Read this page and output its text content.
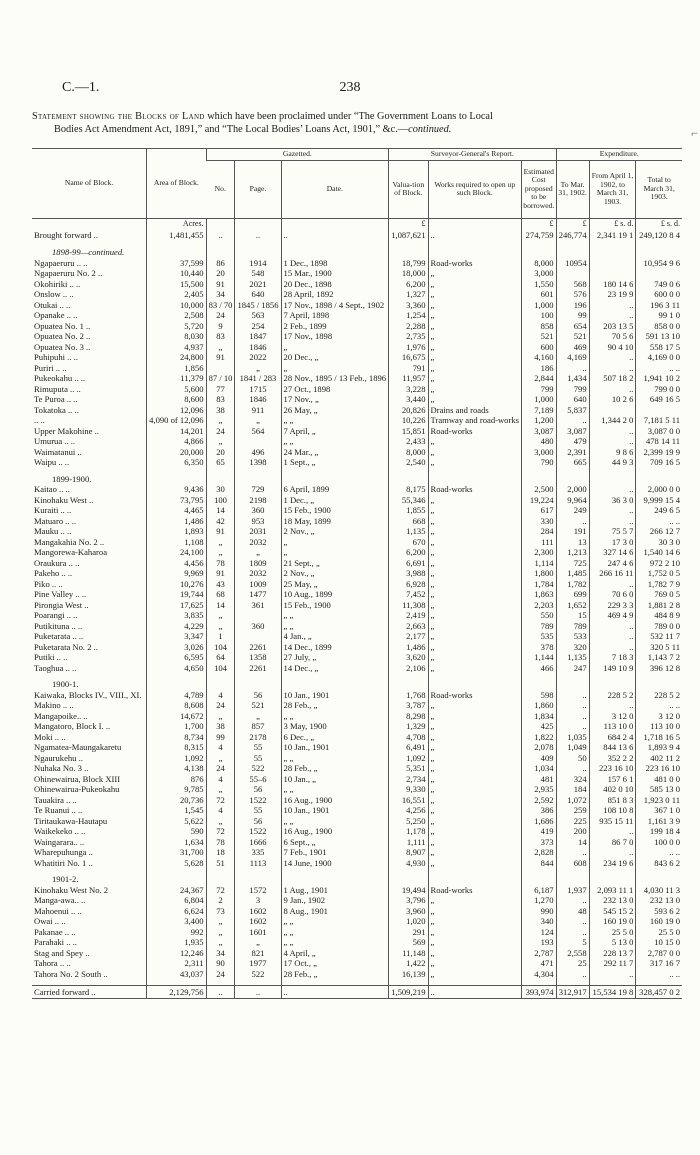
C.—1.	238
Statement showing the Blocks of Land which have been proclaimed under “The Government Loans to Local
Bodies Act Amendment Act, 1891,” and “The Local Bodies’ Loans Act, 1901,” &c.—continued.	⌐
Name of Block.	Area of Block.	Gazetted.			Surveyor-General's Report.			Expenditure.		
		No.	Page.	Date.	Valua-tion of Block.	Works required to open up such Block.	Estimated Cost proposed to be borrowed.	To Mar. 31, 1902.	From April 1, 1902, to March 31, 1903.	Total to March 31, 1903.
	Acres.				£		£	£	£ s. d.	£ s. d.
Brought forward ..	1,481,455	..	..	..	1,087,621	..	274,759	246,774	2,341 19 1	249,120 8 4

1898-99—continued.										
Ngapaeruru .. ..	37,599	86	1914	1 Dec., 1898	18,799	Road-works	8,000	10954		10,954 9 6
Ngapaeruru No. 2 ..	10,440	20	548	15 Mar., 1900	18,000	„	3,000			
Okohiriki .. ..	15,500	91	2021	20 Dec., 1898	6,200	„	1,550	568	180 14 6	749 0 6
Onslow .. ..	2,405	34	640	28 April, 1892	1,327	„	601	576	23 19 9	600 0 0
Otukai .. ..	10,000	83 / 70	1845 / 1856	17 Nov., 1898 / 4 Sept., 1902	3,360	„	1,000	196	..	196 3 11
Opanake .. ..	2,508	24	563	7 April, 1898	1,254	„	100	99	..	99 1 0
Opuatea No. 1 ..	5,720	9	254	2 Feb., 1899	2,288	„	858	654	203 13 5	858 0 0
Opuatea No. 2 ..	8,030	83	1847	17 Nov., 1898	2,735	„	521	521	70 5 6	591 13 10
Opuatea No. 3 ..	4,937	„	1846	„	1,976	„	600	469	90 4 10	558 17 5
Puhipuhi .. ..	24,800	91	2022	20 Dec., „	16,675	„	4,160	4,169	..	4,169 0 0
Puriri .. ..	1,856		„	„	791	„	186	..	..	.. ..
Pukeokahu .. ..	11,379	87 / 10	1841 / 283	28 Nov., 1895 / 13 Feb., 1896	11,957	„	2,844	1,434	507 18 2	1,941 10 2
Rimuputa .. ..	5,600	77	1715	27 Oct., 1898	3,228	„	799	799	..	799 0 0
Te Puroa .. ..	8,600	83	1846	17 Nov., „	3,440	„	1,000	640	10 2 6	649 16 5
Tokatoka .. ..	12,096	38	911	26 May, „	20,826	Drains and roads	7,189	5,837		
.. ..	4,090 of 12,096	„	„	„ „	10,226	Tramway and road-works	1,200	..	1,344 2 0	7,181 5 11
Upper Makohine ..	14,201	24	564	7 April, „	15,851	Road-works	3,087	3,087	..	3,087 0 0
Umurua .. ..	4,866	„		„ „	2,433	„	480	479	..	478 14 11
Waimatanui ..	20,000	20	496	24 Mar., „	8,000	„	3,000	2,391	9 8 6	2,399 19 9
Waipu .. ..	6,350	65	1398	1 Sept., „	2,540	„	790	665	44 9 3	709 16 5

1899-1900.										
Kaitao .. ..	9,436	30	729	6 April, 1899	8,175	Road-works	2,500	2,000	..	2,000 0 0
Kinohaku West ..	73,795	100	2198	1 Dec., „	55,346	„	19,224	9,964	36 3 0	9,999 15 4
Kuraiti .. ..	4,465	14	360	15 Feb., 1900	1,855	„	617	249	..	249 6 5
Matuaro .. ..	1,486	42	953	18 May, 1899	668	„	330	..	..	.. ..
Mauku .. ..	1,893	91	2031	2 Nov., „	1,135	„	284	191	75 5 7	266 12 7
Mangakahia No. 2 ..	1,108	„	2032	„	670	„	111	13	17 3 0	30 3 0
Mangorewa-Kaharoa	24,100	„	„	„	6,200	„	2,300	1,213	327 14 6	1,540 14 6
Oraukura .. ..	4,456	78	1809	21 Sept., „	6,691	„	1,114	725	247 4 6	972 2 10
Pakeho .. ..	9,969	91	2032	2 Nov., „	3,988	„	1,800	1,485	266 16 11	1,752 0 5
Piko .. ..	10,276	43	1009	25 May, „	6,928	„	1,784	1,782	..	1,782 7 9
Pine Valley .. ..	19,744	68	1477	10 Aug., 1899	7,452	„	1,863	699	70 6 0	769 0 5
Pirongia West ..	17,625	14	361	15 Feb., 1900	11,308	„	2,203	1,652	229 3 3	1,881 2 8
Poarangi .. ..	3,835	„		„ „	2,419	„	550	15	469 4 9	484 8 9
Putikituna .. ..	4,229	„	360	„ „	2,663	„	789	789	..	789 0 0
Puketarata .. ..	3,347	1		4 Jan., „	2,177	„	535	533	..	532 11 7
Puketarata No. 2 ..	3,026	104	2261	14 Dec., 1899	1,486	„	378	320	..	320 5 11
Putiki .. ..	6,595	64	1358	27 July, „	3,620	„	1,144	1,135	7 18 3	1,143 7 2
Taoghua .. ..	4,650	104	2261	14 Dec., „	2,106	„	466	247	149 10 9	396 12 8

1900-1.										
Kaiwaka, Blocks IV., VIII., XI.	4,789	4	56	10 Jan., 1901	1,768	Road-works	598	..	228 5 2	228 5 2
Makino .. ..	8,608	24	521	28 Feb., „	3,787	„	1,860	..	..	.. ..
Mangapoike.. ..	14,672	„	„	„ „	8,298	„	1,834	..	3 12 0	3 12 0
Mangatoro, Block I. ..	1,700	38	857	3 May, 1900	1,329	„	425	..	113 10 0	113 10 0
Moki .. ..	8,734	99	2178	6 Dec., „	4,708	„	1,822	1,035	684 2 4	1,718 16 5
Ngamatea-Maungakaretu	8,315	4	55	10 Jan., 1901	6,491	„	2,078	1,049	844 13 6	1,893 9 4
Ngaurukehu ..	1,092	„	55	„ „	1,092	„	409	50	352 2 2	402 11 2
Nuhaka No. 3 ..	4,138	24	522	28 Feb., „	5,351	„	1,034	..	223 16 10	223 16 10
Ohinewairua, Block XIII	876	4	55–6	10 Jan., „	2,734	„	481	324	157 6 1	481 0 0
Ohinewairua-Pukeokahu	9,785	„	56	„ „	9,330	„	2,935	184	402 0 10	585 13 0
Tauakira .. ..	20,736	72	1522	16 Aug., 1900	16,551	„	2,592	1,072	851 8 3	1,923 0 11
Te Ruanui .. ..	1,545	4	55	10 Jan., 1901	4,256	„	386	259	108 10 8	367 1 0
Tiritaukawa-Hautapu	5,622	„	56	„ „	5,250	„	1,686	225	935 15 11	1,161 3 9
Waikekeko .. ..	590	72	1522	16 Aug., 1900	1,178	„	419	200	..	199 18 4
Waingarara.. ..	1,634	78	1666	6 Sept., „	1,111	„	373	14	86 7 0	100 0 0
Wharepuhunga ..	31,700	18	335	7 Feb., 1901	8,907	„	2,828	..	..	.. ..
Whatitiri No. 1 ..	5,628	51	1113	14 June, 1900	4,930	„	844	608	234 19 6	843 6 2

1901-2.										
Kinohaku West No. 2	24,367	72	1572	1 Aug., 1901	19,494	Road-works	6,187	1,937	2,093 11 1	4,030 11 3
Manga-awa.. ..	6,804	2	3	9 Jan., 1902	3,796	„	1,270	..	232 13 0	232 13 0
Mahoenui .. ..	6,624	73	1602	8 Aug., 1901	3,960	„	990	48	545 15 2	593 6 2
Owai .. ..	3,400	„	1602	„ „	1,020	„	340	..	160 19 0	160 19 0
Pakanae .. ..	992	„	1601	„ „	291	„	124	..	25 5 0	25 5 0
Parahaki .. ..	1,935	„	„	„ „	569	„	193	5	5 13 0	10 15 0
Stag and Spey ..	12,246	34	821	4 April, „	11,148	„	2,787	2,558	228 13 7	2,787 0 0
Tahora .. ..	2,311	90	1977	17 Oct., „	1,422	„	471	25	292 11 7	317 16 7
Tahora No. 2 South ..	43,037	24	522	28 Feb., „	16,139	„	4,304	..	..	.. ..

Carried forward ..	2,129,756	..	..	..	1,509,219	..	393,974	312,917	15,534 19 8	328,457 0 2
